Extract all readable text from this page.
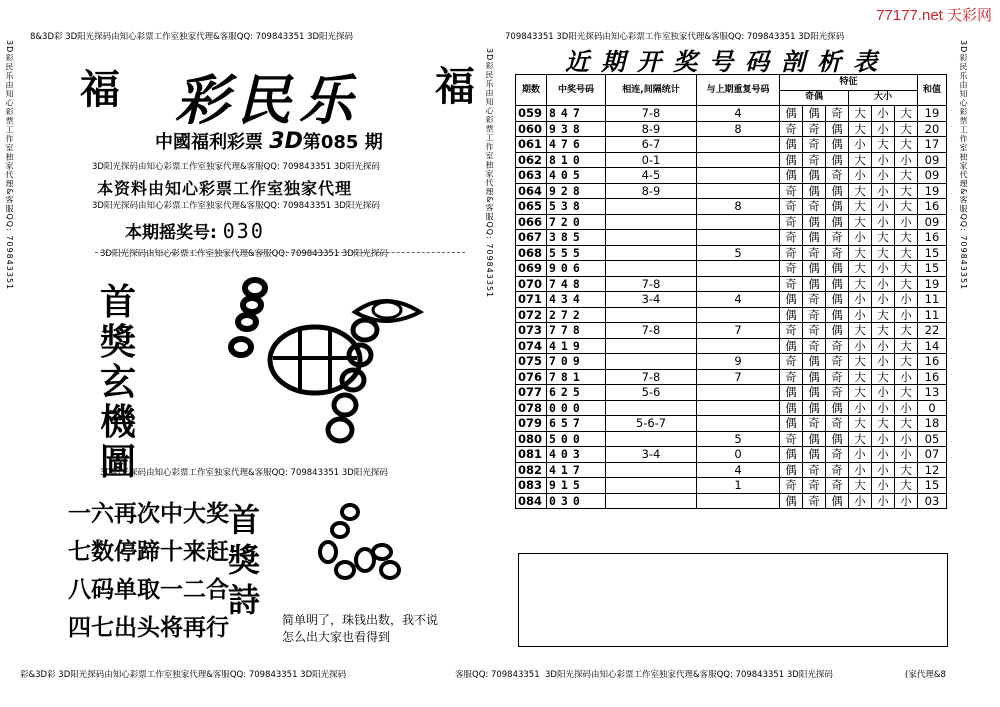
77177.net 天彩网
8&3D彩 3D阳光探码由知心彩票工作室独家代理&客服QQ: 709843351 3D阳光探码	709843351 3D阳光探码由知心彩票工作室独家代理&客服QQ: 709843351 3D阳光探码
3D彩民乐由知心彩票工作室独家代理&客服QQ: 709843351	3D彩民乐由知心彩票工作室独家代理&客服QQ: 709843351
3D彩民乐由知心彩票工作室独家代理&客服QQ: 709843351
福	福
彩民乐
中國福利彩票 3D第085 期
3D阳光探码由知心彩票工作室独家代理&客服QQ: 709843351 3D阳光探码
本资料由知心彩票工作室独家代理
3D阳光探码由知心彩票工作室独家代理&客服QQ: 709843351 3D阳光探码
本期摇奖号: 030
3D阳光探码由知心彩票工作室独家代理&客服QQ: 709843351 3D阳光探码
首獎玄機圖
3D阳光探码由知心彩票工作室独家代理&客服QQ: 709843351 3D阳光探码
一六再次中大奖
七数停蹄十来赶
八码单取一二合
四七出头将再行
首獎詩
简单明了，珠钱出数，我不说
怎么出大家也看得到
近期开奖号码剖析表
期数	中奖号码	相连,间隔统计	与上期重复号码	特征						和值
				奇偶			大小			
059	847	7-8	4	偶	偶	奇	大	小	大	19
060	938	8-9	8	奇	奇	偶	大	小	大	20
061	476	6-7		偶	奇	偶	小	大	大	17
062	810	0-1		偶	奇	偶	大	小	小	09
063	405	4-5		偶	偶	奇	小	小	大	09
064	928	8-9		奇	偶	偶	大	小	大	19
065	538		8	奇	奇	偶	大	小	大	16
066	720			奇	偶	偶	大	小	小	09
067	385			奇	偶	奇	小	大	大	16
068	555		5	奇	奇	奇	大	大	大	15
069	906			奇	偶	偶	大	小	大	15
070	748	7-8		奇	偶	偶	大	小	大	19
071	434	3-4	4	偶	奇	偶	小	小	小	11
072	272			偶	奇	偶	小	大	小	11
073	778	7-8	7	奇	奇	偶	大	大	大	22
074	419			偶	奇	奇	小	小	大	14
075	709		9	奇	偶	奇	大	小	大	16
076	781	7-8	7	奇	偶	奇	大	大	小	16
077	625	5-6		偶	偶	奇	大	小	大	13
078	000			偶	偶	偶	小	小	小	0
079	657	5-6-7		偶	奇	奇	大	大	大	18
080	500		5	奇	偶	偶	大	小	小	05
081	403	3-4	0	偶	偶	奇	小	小	小	07
082	417		4	偶	奇	奇	小	小	大	12
083	915		1	奇	奇	奇	大	小	大	15
084	030			偶	奇	偶	小	小	小	03
彩&3D彩 3D阳光探码由知心彩票工作室独家代理&客服QQ: 709843351 3D阳光探码	客服QQ: 709843351 3D阳光探码由知心彩票工作室独家代理&客服QQ: 709843351 3D阳光探码	(家代理&8
